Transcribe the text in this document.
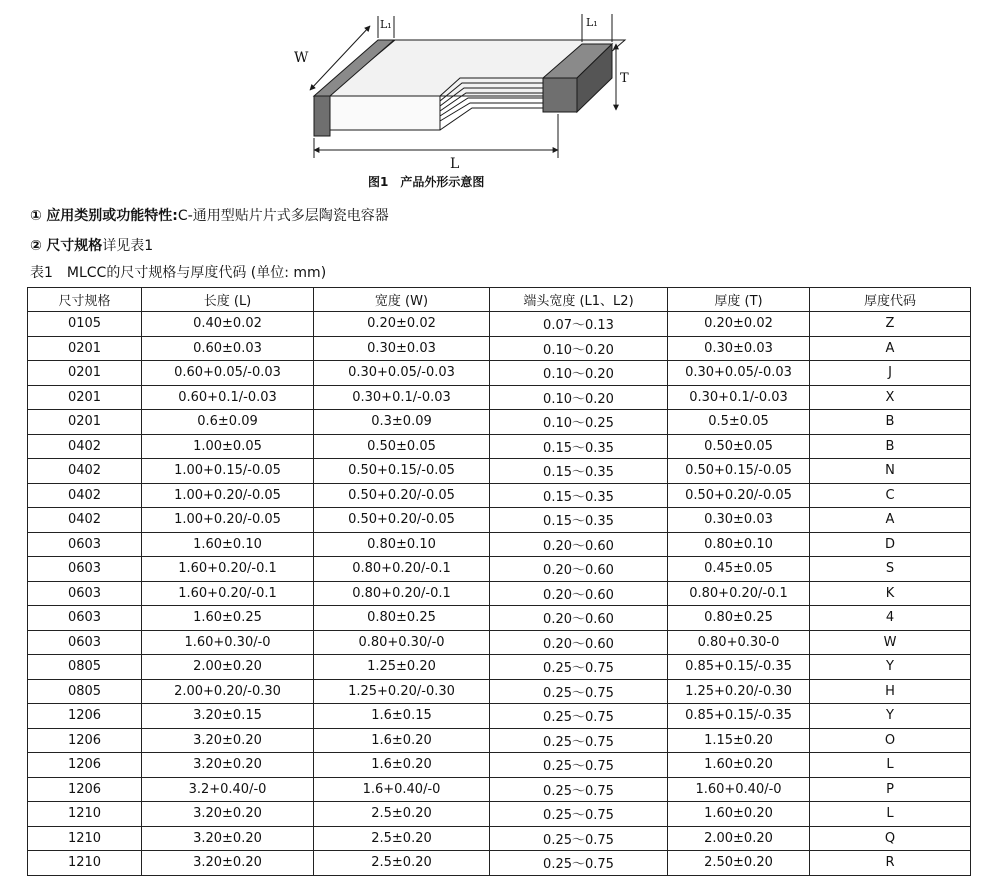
W
L
T
L₁	L₁
图1　产品外形示意图
① 应用类别或功能特性:C-通用型贴片片式多层陶瓷电容器
② 尺寸规格详见表1
表1　MLCC的尺寸规格与厚度代码 (单位: mm)
尺寸规格	长度 (L)	宽度 (W)	端头宽度 (L1、L2)	厚度 (T)	厚度代码
0105	0.40±0.02	0.20±0.02	0.07～0.13	0.20±0.02	Z
0201	0.60±0.03	0.30±0.03	0.10～0.20	0.30±0.03	A
0201	0.60+0.05/-0.03	0.30+0.05/-0.03	0.10～0.20	0.30+0.05/-0.03	J
0201	0.60+0.1/-0.03	0.30+0.1/-0.03	0.10～0.20	0.30+0.1/-0.03	X
0201	0.6±0.09	0.3±0.09	0.10～0.25	0.5±0.05	B
0402	1.00±0.05	0.50±0.05	0.15～0.35	0.50±0.05	B
0402	1.00+0.15/-0.05	0.50+0.15/-0.05	0.15～0.35	0.50+0.15/-0.05	N
0402	1.00+0.20/-0.05	0.50+0.20/-0.05	0.15～0.35	0.50+0.20/-0.05	C
0402	1.00+0.20/-0.05	0.50+0.20/-0.05	0.15～0.35	0.30±0.03	A
0603	1.60±0.10	0.80±0.10	0.20～0.60	0.80±0.10	D
0603	1.60+0.20/-0.1	0.80+0.20/-0.1	0.20～0.60	0.45±0.05	S
0603	1.60+0.20/-0.1	0.80+0.20/-0.1	0.20～0.60	0.80+0.20/-0.1	K
0603	1.60±0.25	0.80±0.25	0.20～0.60	0.80±0.25	4
0603	1.60+0.30/-0	0.80+0.30/-0	0.20～0.60	0.80+0.30-0	W
0805	2.00±0.20	1.25±0.20	0.25～0.75	0.85+0.15/-0.35	Y
0805	2.00+0.20/-0.30	1.25+0.20/-0.30	0.25～0.75	1.25+0.20/-0.30	H
1206	3.20±0.15	1.6±0.15	0.25～0.75	0.85+0.15/-0.35	Y
1206	3.20±0.20	1.6±0.20	0.25～0.75	1.15±0.20	O
1206	3.20±0.20	1.6±0.20	0.25～0.75	1.60±0.20	L
1206	3.2+0.40/-0	1.6+0.40/-0	0.25～0.75	1.60+0.40/-0	P
1210	3.20±0.20	2.5±0.20	0.25～0.75	1.60±0.20	L
1210	3.20±0.20	2.5±0.20	0.25～0.75	2.00±0.20	Q
1210	3.20±0.20	2.5±0.20	0.25～0.75	2.50±0.20	R
